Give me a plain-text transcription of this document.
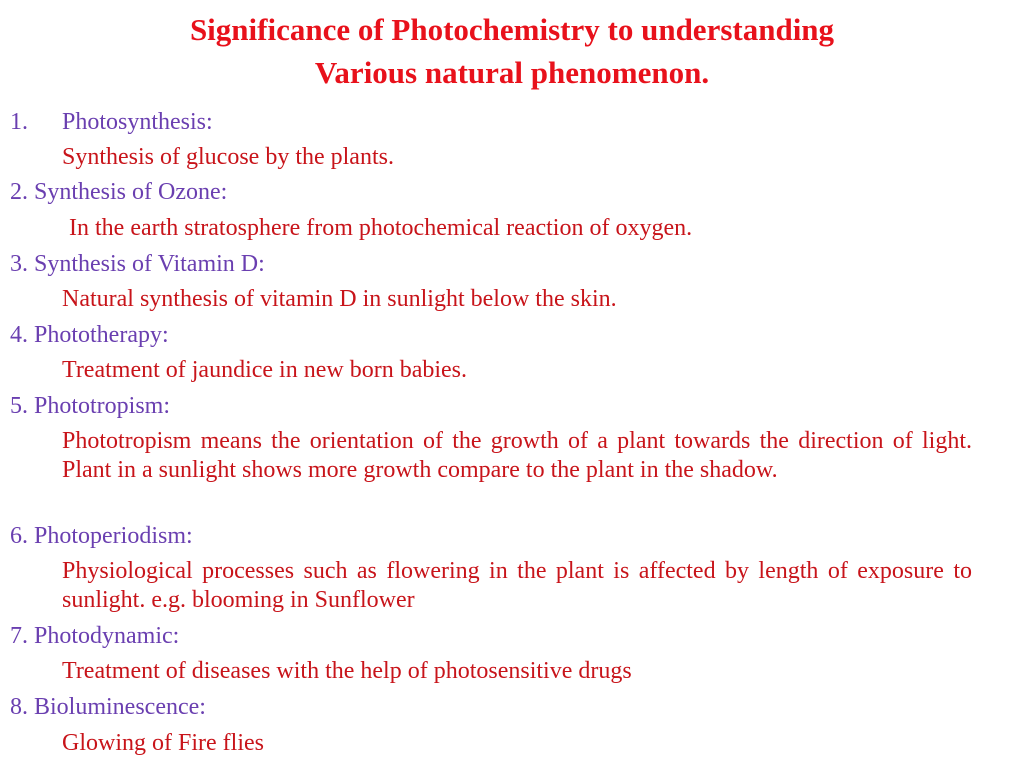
Significance of Photochemistry to understanding
Various natural phenomenon.
1. Photosynthesis:
Synthesis of glucose by the plants.
2. Synthesis of Ozone:
In the earth stratosphere from photochemical reaction of oxygen.
3. Synthesis of Vitamin D:
Natural synthesis of vitamin D in sunlight below the skin.
4. Phototherapy:
Treatment of jaundice in new born babies.
5. Phototropism:
Phototropism means the orientation of the growth of a plant towards the direction of light. Plant in a sunlight shows more growth compare to the plant in the shadow.
6. Photoperiodism:
Physiological processes such as flowering in the plant is affected by length of exposure to sunlight. e.g. blooming in Sunflower
7. Photodynamic:
Treatment of diseases with the help of photosensitive drugs
8. Bioluminescence:
Glowing of Fire flies
